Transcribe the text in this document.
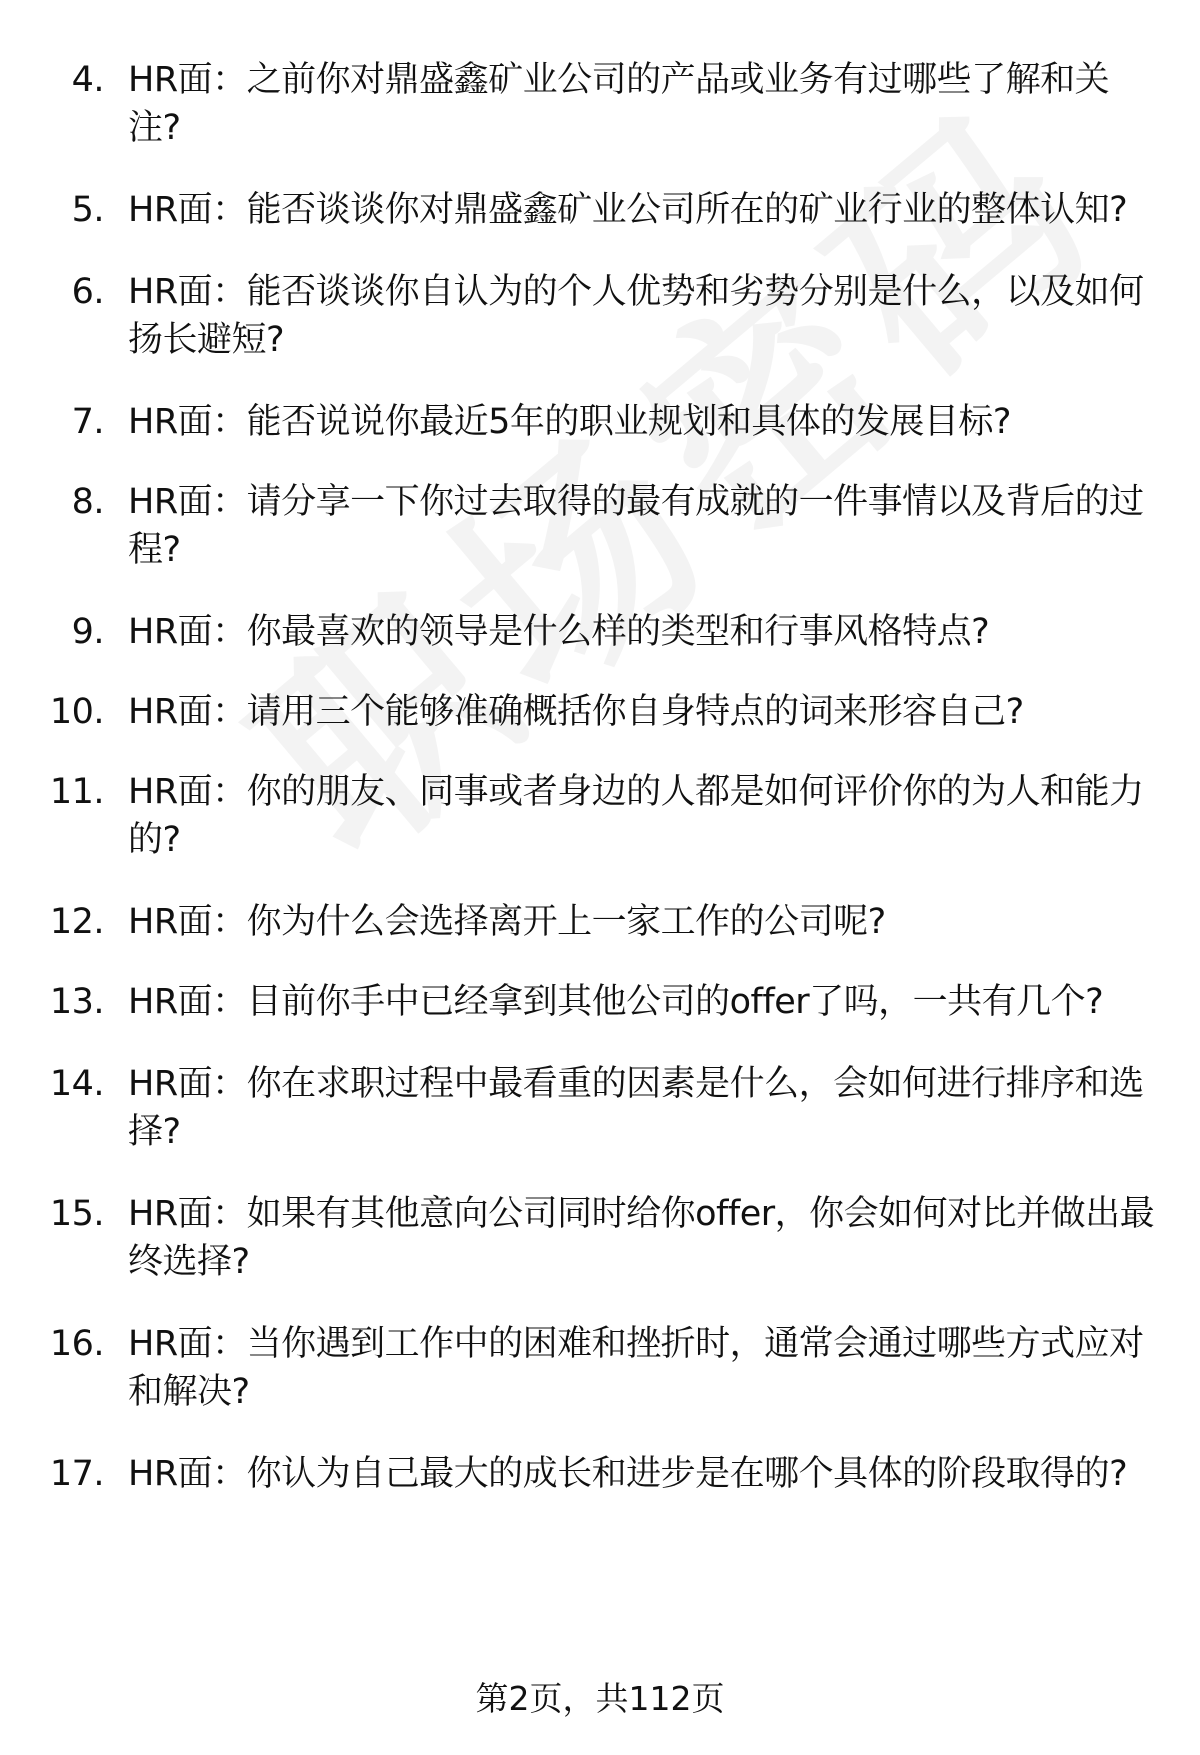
4. HR面：之前你对鼎盛鑫矿业公司的产品或业务有过哪些了解和关注?
5. HR面：能否谈谈你对鼎盛鑫矿业公司所在的矿业行业的整体认知?
6. HR面：能否谈谈你自认为的个人优势和劣势分别是什么，以及如何扬长避短?
7. HR面：能否说说你最近5年的职业规划和具体的发展目标?
8. HR面：请分享一下你过去取得的最有成就的一件事情以及背后的过程?
9. HR面：你最喜欢的领导是什么样的类型和行事风格特点?
10. HR面：请用三个能够准确概括你自身特点的词来形容自己?
11. HR面：你的朋友、同事或者身边的人都是如何评价你的为人和能力的?
12. HR面：你为什么会选择离开上一家工作的公司呢?
13. HR面：目前你手中已经拿到其他公司的offer了吗，一共有几个?
14. HR面：你在求职过程中最看重的因素是什么，会如何进行排序和选择?
15. HR面：如果有其他意向公司同时给你offer，你会如何对比并做出最终选择?
16. HR面：当你遇到工作中的困难和挫折时，通常会通过哪些方式应对和解决?
17. HR面：你认为自己最大的成长和进步是在哪个具体的阶段取得的?
第2页，共112页
